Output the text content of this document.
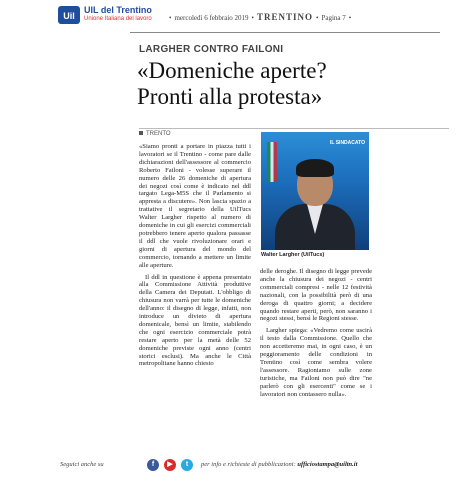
Uil
UIL del Trentino
Unione Italiana del lavoro	• mercoledì 6 febbraio 2019 • TRENTINO • Pagina 7 •
LARGHER CONTRO FAILONI
«Domeniche aperte?
Pronti alla protesta»
TRENTO

«Siamo pronti a portare in piazza tutti i lavoratori se il Trentino - come pare dalle dichiarazioni dell'assessore al commercio Roberto Failoni - volesse superare il numero delle 26 domeniche di apertura dei negozi così come è indicato nel ddl targato Lega-M5S che il Parlamento si appresta a discutere». Non lascia spazio a trattative il segretario della UilTucs Walter Largher rispetto al numero di domeniche in cui gli esercizi commerciali potrebbero tenere aperto qualora passasse il ddl che vuole rivoluzionare orari e giorni di apertura del mondo del commercio, tornando a mettere un limite alle aperture.

Il ddl in questione è appena presentato alla Commissione Attività produttive della Camera dei Deputati. L'obbligo di chiusura non varrà per tutte le domeniche dell'anno: il disegno di legge, infatti, non introduce un divieto di apertura domenicale, bensì un limite, stabilendo che ogni esercizio commerciale potrà restare aperto per la metà delle 52 domeniche previste ogni anno (centri storici esclusi). Ma anche le Città metropolitane hanno chiesto

IL SINDACATO
Walter Largher (UilTucs)

delle deroghe. Il disegno di legge prevede anche la chiusura dei negozi - centri commerciali compresi - nelle 12 festività nazionali, con la possibilità però di una deroga di quattro giorni; a decidere quando restare aperti, però, non saranno i negozi stessi, bensì le Regioni stesse.

Largher spiega: «Vedremo come uscirà il testo dalla Commissione. Quello che non accetteremo mai, in ogni caso, è un peggioramento delle condizioni in Trentino così come sembra volere l'assessore. Ragioniamo sulle zone turistiche, ma Failoni non può dire "ne parlerò con gli esercenti" come se i lavoratori non contassero nulla».

Seguici anche su	f	▶	t	per info e richieste di pubblicazioni: ufficiostampa@uiltn.it
